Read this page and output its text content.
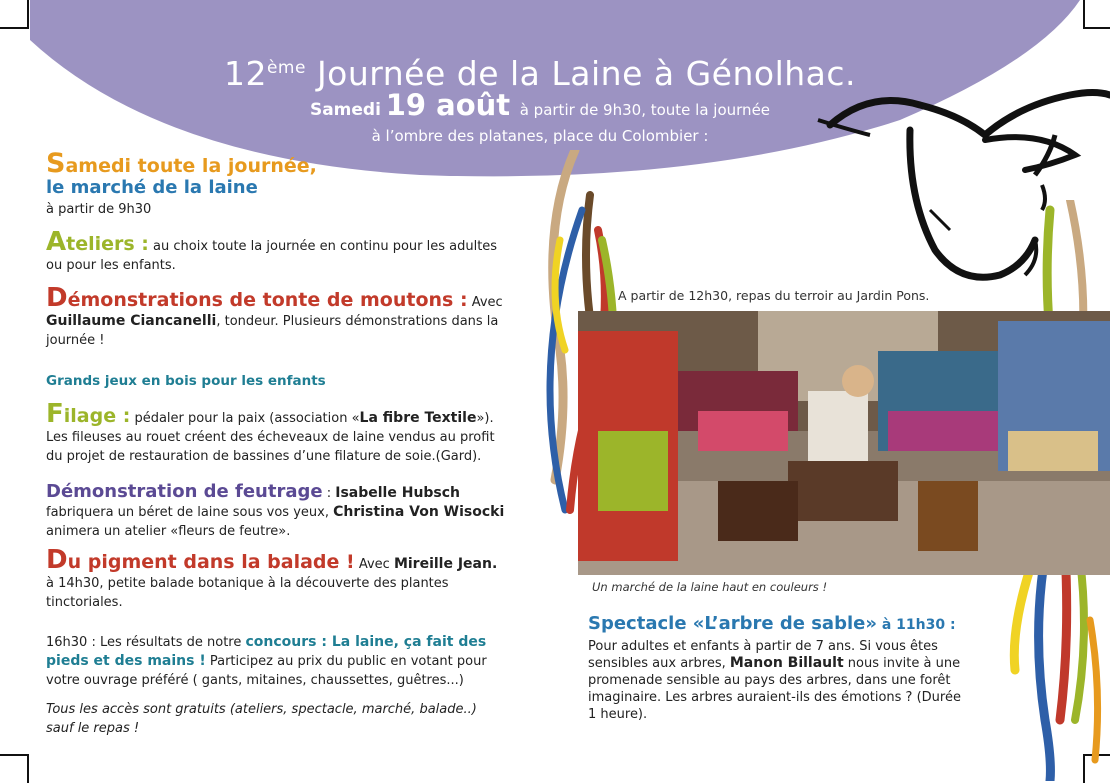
12ème Journée de la Laine à Génolhac.
Samedi 19 août à partir de 9h30, toute la journée
à l’ombre des platanes, place du Colombier :
Samedi toute la journée,
le marché de la laine
à partir de 9h30
Ateliers : au choix toute la journée en continu pour les adultes
ou pour les enfants.
Démonstrations de tonte de moutons : Avec
Guillaume Ciancanelli, tondeur. Plusieurs démonstrations dans la
journée !
Grands jeux en bois pour les enfants
Filage : pédaler pour la paix (association «La fibre Textile»).
Les fileuses au rouet créent des écheveaux de laine vendus au profit
du projet de restauration de bassines d’une filature de soie.(Gard).
Démonstration de feutrage : Isabelle Hubsch
fabriquera un béret de laine sous vos yeux, Christina Von Wisocki
animera un atelier «fleurs de feutre».
Du pigment dans la balade ! Avec Mireille Jean.
à 14h30, petite balade botanique à la découverte des plantes
tinctoriales.
16h30 : Les résultats de notre concours : La laine, ça fait des
pieds et des mains ! Participez au prix du public en votant pour
votre ouvrage préféré ( gants, mitaines, chaussettes, guêtres...)
Tous les accès sont gratuits (ateliers, spectacle, marché, balade..)
sauf le repas !
A partir de 12h30, repas du terroir au Jardin Pons.
Un marché de la laine haut en couleurs !
Spectacle «L’arbre de sable» à 11h30 :
Pour adultes et enfants à partir de 7 ans. Si vous êtes
sensibles aux arbres, Manon Billault nous invite à une
promenade sensible au pays des arbres, dans une forêt
imaginaire. Les arbres auraient-ils des émotions ? (Durée
1 heure).
